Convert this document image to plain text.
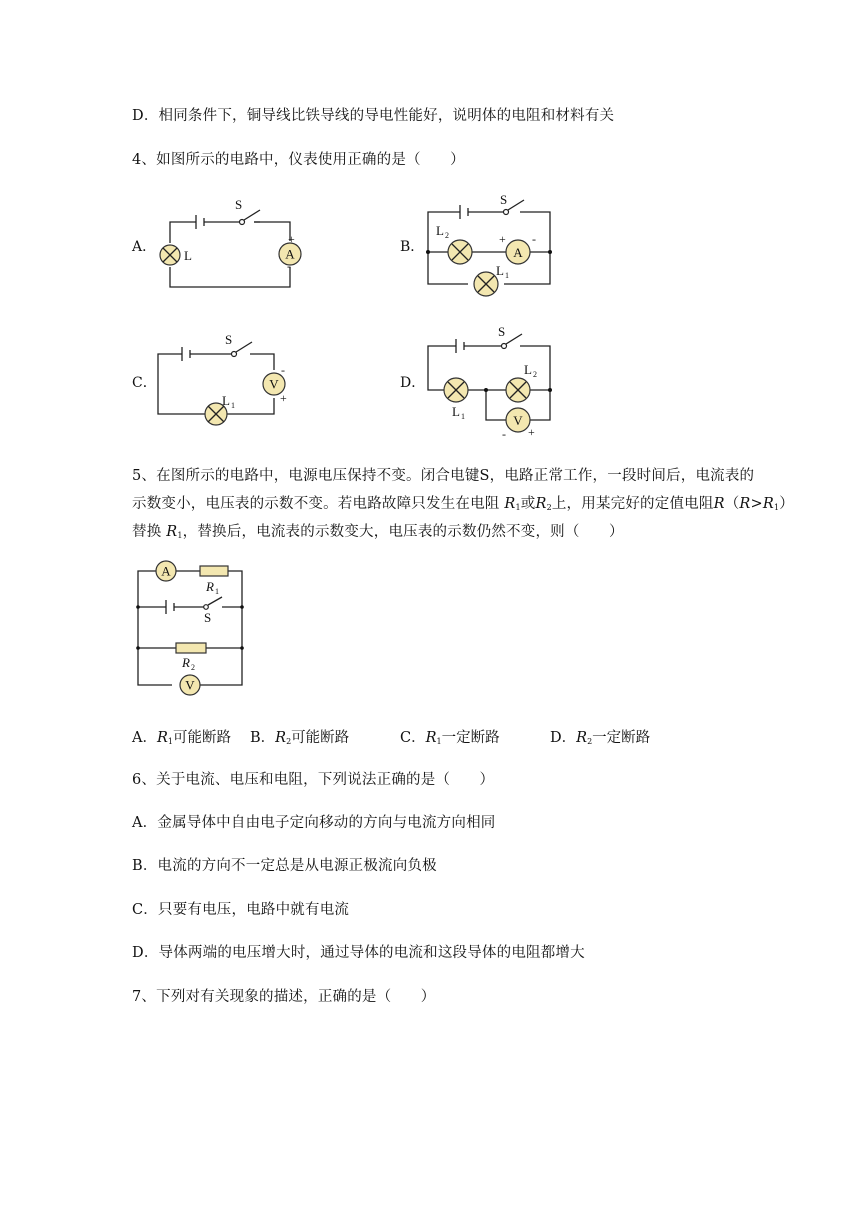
D．相同条件下，铜导线比铁导线的导电性能好，说明体的电阻和材料有关
4、如图所示的电路中，仪表使用正确的是（　　）
A．	B．
C．	D．
A
S
L
+
-
A
S
L 2
L 1
+ -
V
S
L 1
-
+
V
S
L 2
L 1
- +
5、在图所示的电路中，电源电压保持不变。闭合电键S，电路正常工作，一段时间后，电流表的
示数变小，电压表的示数不变。若电路故障只发生在电阻 R1或R2上，用某完好的定值电阻R（R>R1）
替换 R1，替换后，电流表的示数变大，电压表的示数仍然不变，则（　　）
A
R 1
S
R 2
V
A．R1可能断路 B．R2可能断路	C．R1一定断路	D．R2一定断路
6、关于电流、电压和电阻，下列说法正确的是（　　）
A．金属导体中自由电子定向移动的方向与电流方向相同
B．电流的方向不一定总是从电源正极流向负极
C．只要有电压，电路中就有电流
D．导体两端的电压增大时，通过导体的电流和这段导体的电阻都增大
7、下列对有关现象的描述，正确的是（　　）
